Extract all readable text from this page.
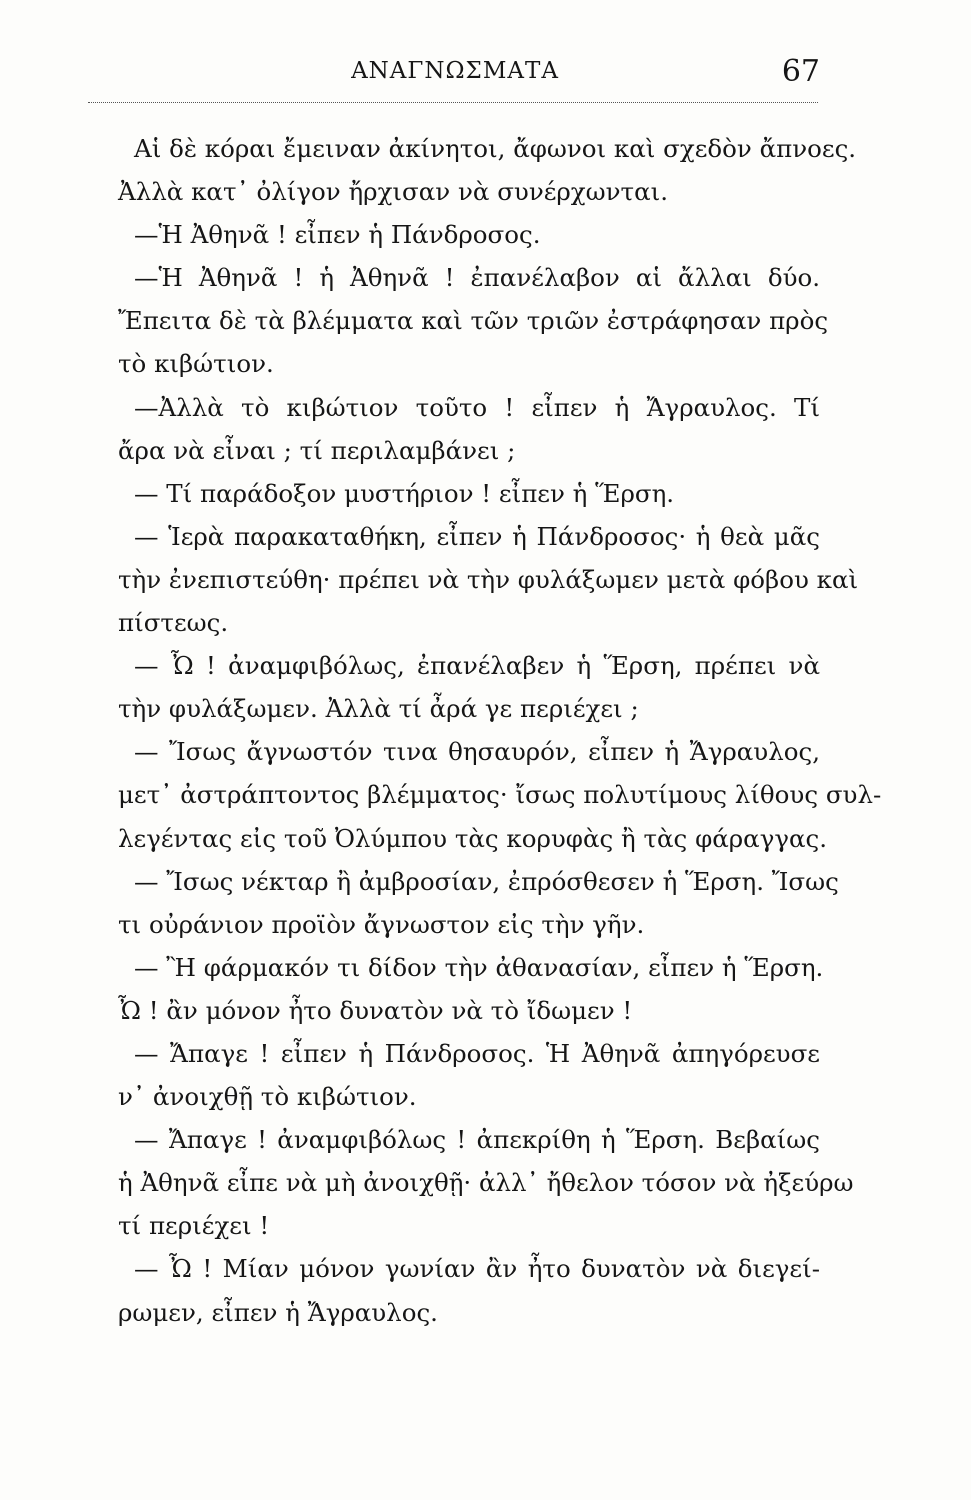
ΑΝΑΓΝΩΣΜΑΤΑ	67
Αἱ δὲ κόραι ἔμειναν ἀκίνητοι, ἄφωνοι καὶ σχεδὸν ἄπνοες.
Ἀλλὰ κατ᾽ ὀλίγον ἤρχισαν νὰ συνέρχωνται.
—Ἡ Ἀθηνᾶ ! εἶπεν ἡ Πάνδροσος.
—Ἡ Ἀθηνᾶ ! ἡ Ἀθηνᾶ ! ἐπανέλαβον αἱ ἄλλαι δύο.
Ἔπειτα δὲ τὰ βλέμματα καὶ τῶν τριῶν ἐστράφησαν πρὸς
τὸ κιβώτιον.
—Ἀλλὰ τὸ κιβώτιον τοῦτο ! εἶπεν ἡ Ἄγραυλος. Τί
ἄρα νὰ εἶναι ; τί περιλαμβάνει ;
— Τί παράδοξον μυστήριον ! εἶπεν ἡ Ἕρση.
— Ἱερὰ παρακαταθήκη, εἶπεν ἡ Πάνδροσος· ἡ θεὰ μᾶς
τὴν ἐνεπιστεύθη· πρέπει νὰ τὴν φυλάξωμεν μετὰ φόβου καὶ
πίστεως.
— Ὦ ! ἀναμφιβόλως, ἐπανέλαβεν ἡ Ἕρση, πρέπει νὰ
τὴν φυλάξωμεν. Ἀλλὰ τί ἆρά γε περιέχει ;
— Ἴσως ἄγνωστόν τινα θησαυρόν, εἶπεν ἡ Ἄγραυλος,
μετ᾽ ἀστράπτοντος βλέμματος· ἴσως πολυτίμους λίθους συλ-
λεγέντας εἰς τοῦ Ὀλύμπου τὰς κορυφὰς ἢ τὰς φάραγγας.
— Ἴσως νέκταρ ἢ ἀμβροσίαν, ἐπρόσθεσεν ἡ Ἕρση. Ἴσως
τι οὐράνιον προϊὸν ἄγνωστον εἰς τὴν γῆν.
— Ἢ φάρμακόν τι δίδον τὴν ἀθανασίαν, εἶπεν ἡ Ἕρση.
Ὦ ! ἂν μόνον ἦτο δυνατὸν νὰ τὸ ἴδωμεν !
— Ἄπαγε ! εἶπεν ἡ Πάνδροσος. Ἡ Ἀθηνᾶ ἀπηγόρευσε
ν᾽ ἀνοιχθῇ τὸ κιβώτιον.
— Ἄπαγε ! ἀναμφιβόλως ! ἀπεκρίθη ἡ Ἕρση. Βεβαίως
ἡ Ἀθηνᾶ εἶπε νὰ μὴ ἀνοιχθῇ· ἀλλ᾽ ἤθελον τόσον νὰ ἠξεύρω
τί περιέχει !
— Ὦ ! Μίαν μόνον γωνίαν ἂν ἦτο δυνατὸν νὰ διεγεί-
ρωμεν, εἶπεν ἡ Ἄγραυλος.
